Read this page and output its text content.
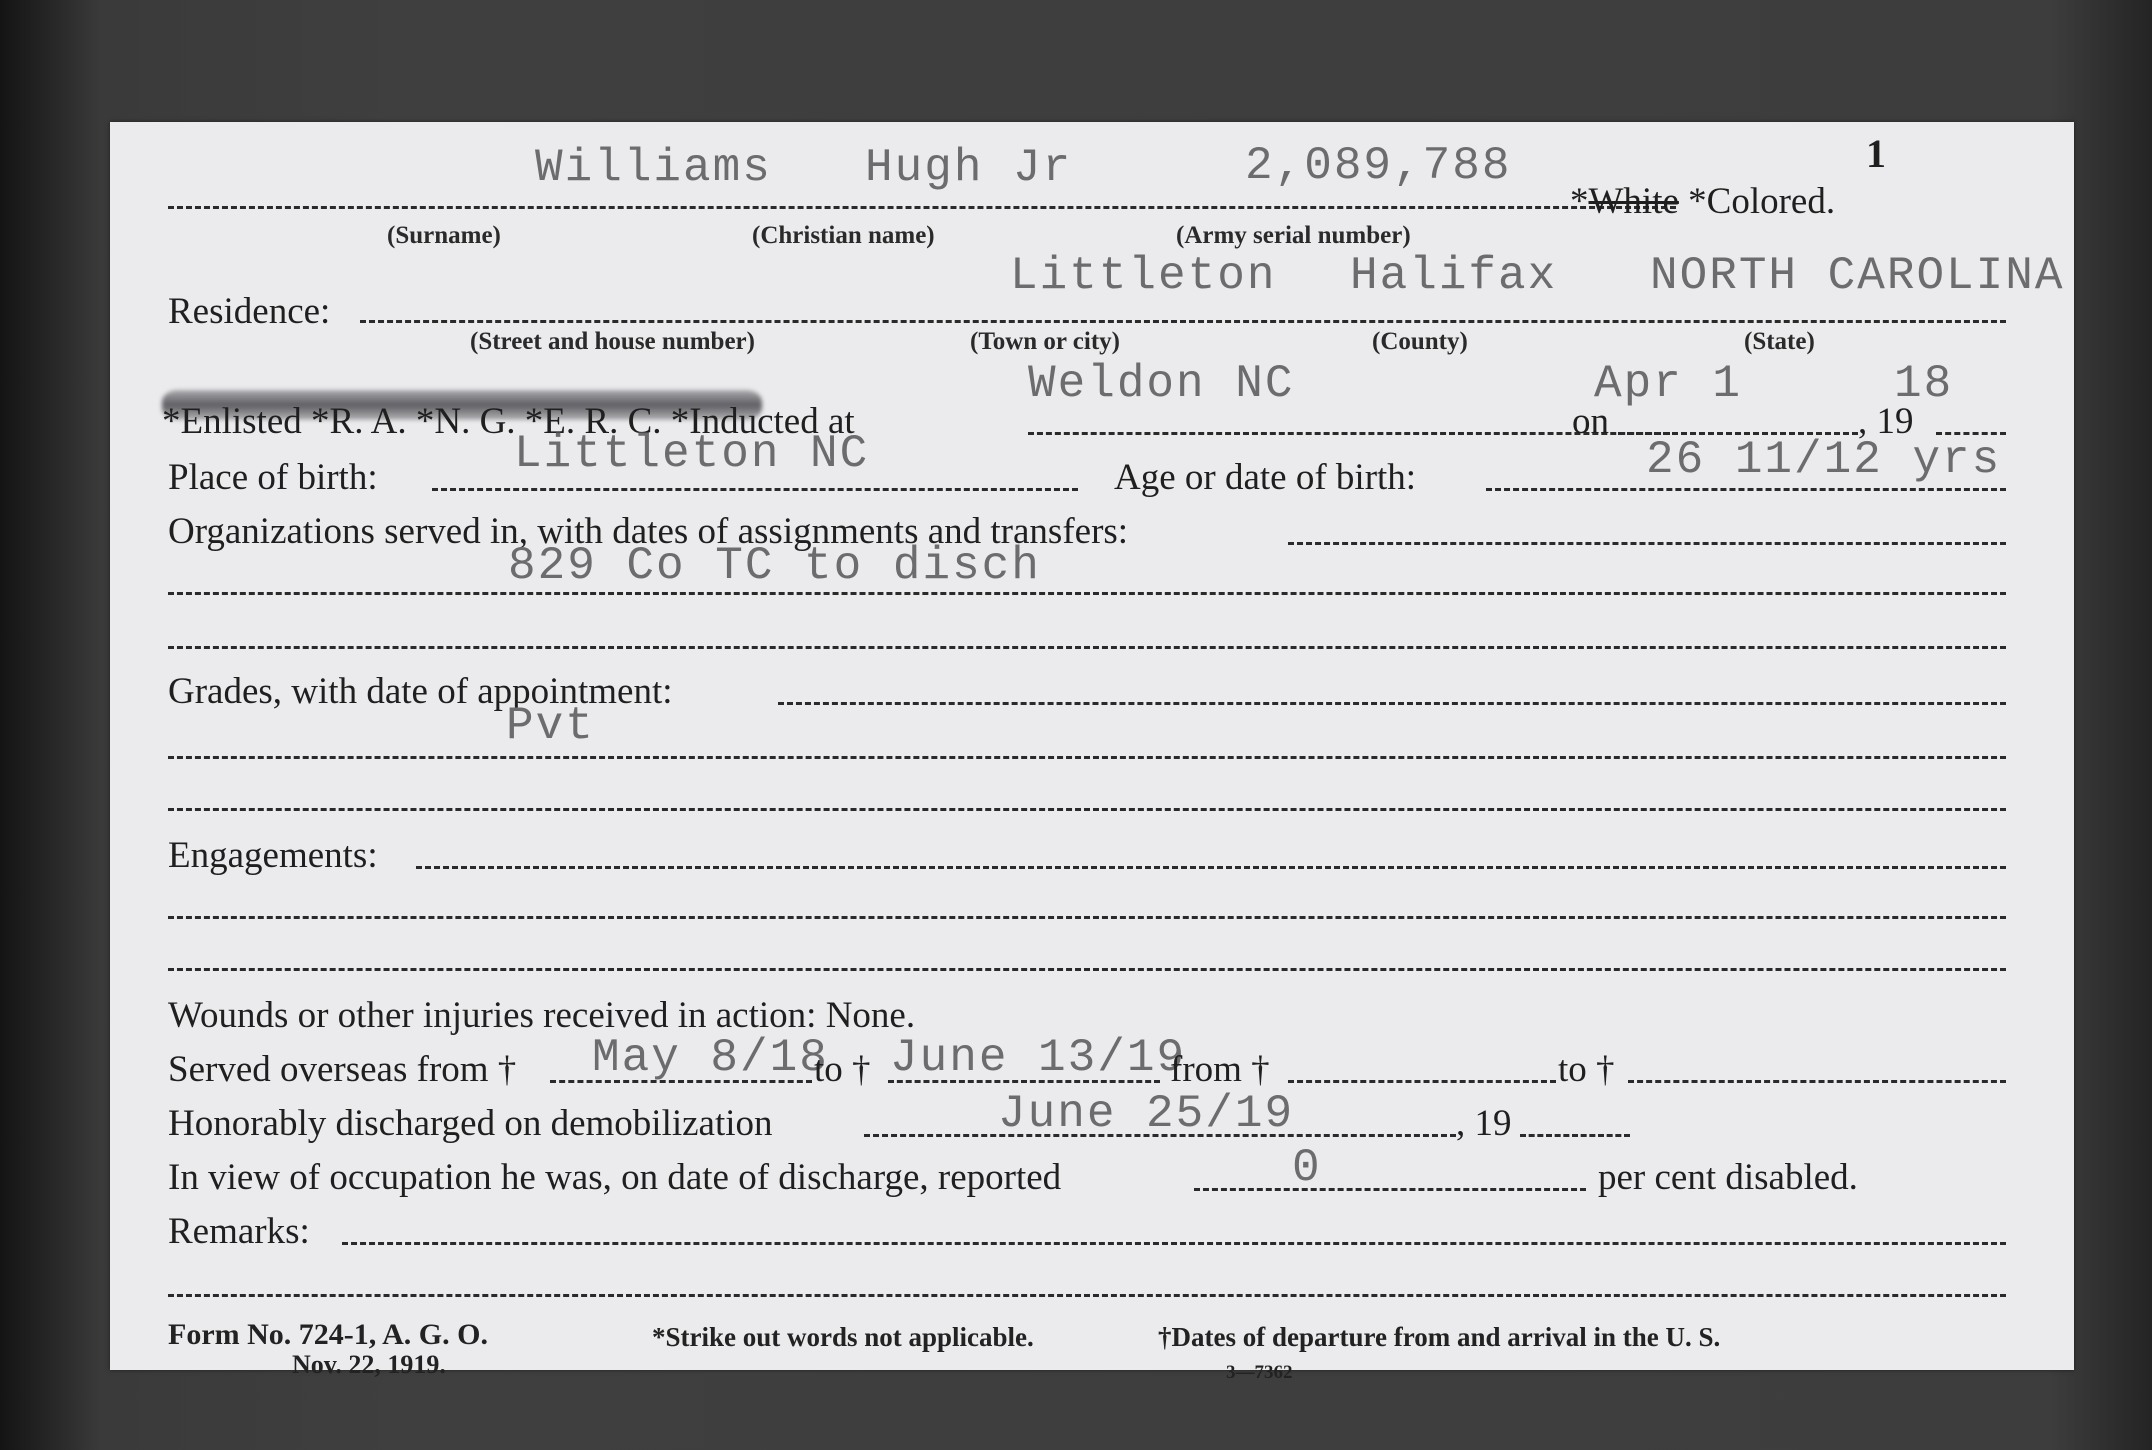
1
Williams Hugh Jr	2,089,788
*White *Colored.
(Surname)	(Christian name)	(Army serial number)
Littleton Halifax NORTH CAROLINA
Residence:
(Street and house number)	(Town or city)	(County)	(State)
Weldon NC	Apr 1	18
*Enlisted *R. A. *N. G. *E. R. C. *Inducted at	on	, 19
Littleton NC
Place of birth:	Age or date of birth:	26 11/12 yrs
Organizations served in, with dates of assignments and transfers:
829 Co TC to disch
Grades, with date of appointment:
Pvt
Engagements:
Wounds or other injuries received in action: None.
Served overseas from † May 8/18
to † June 13/19
from †	to †
Honorably discharged on demobilization	June 25/19	, 19
In view of occupation he was, on date of discharge, reported	0	per cent disabled.
Remarks:
Form No. 724-1, A. G. O.
Nov. 22, 1919.
*Strike out words not applicable.	†Dates of departure from and arrival in the U. S.
3—7362
